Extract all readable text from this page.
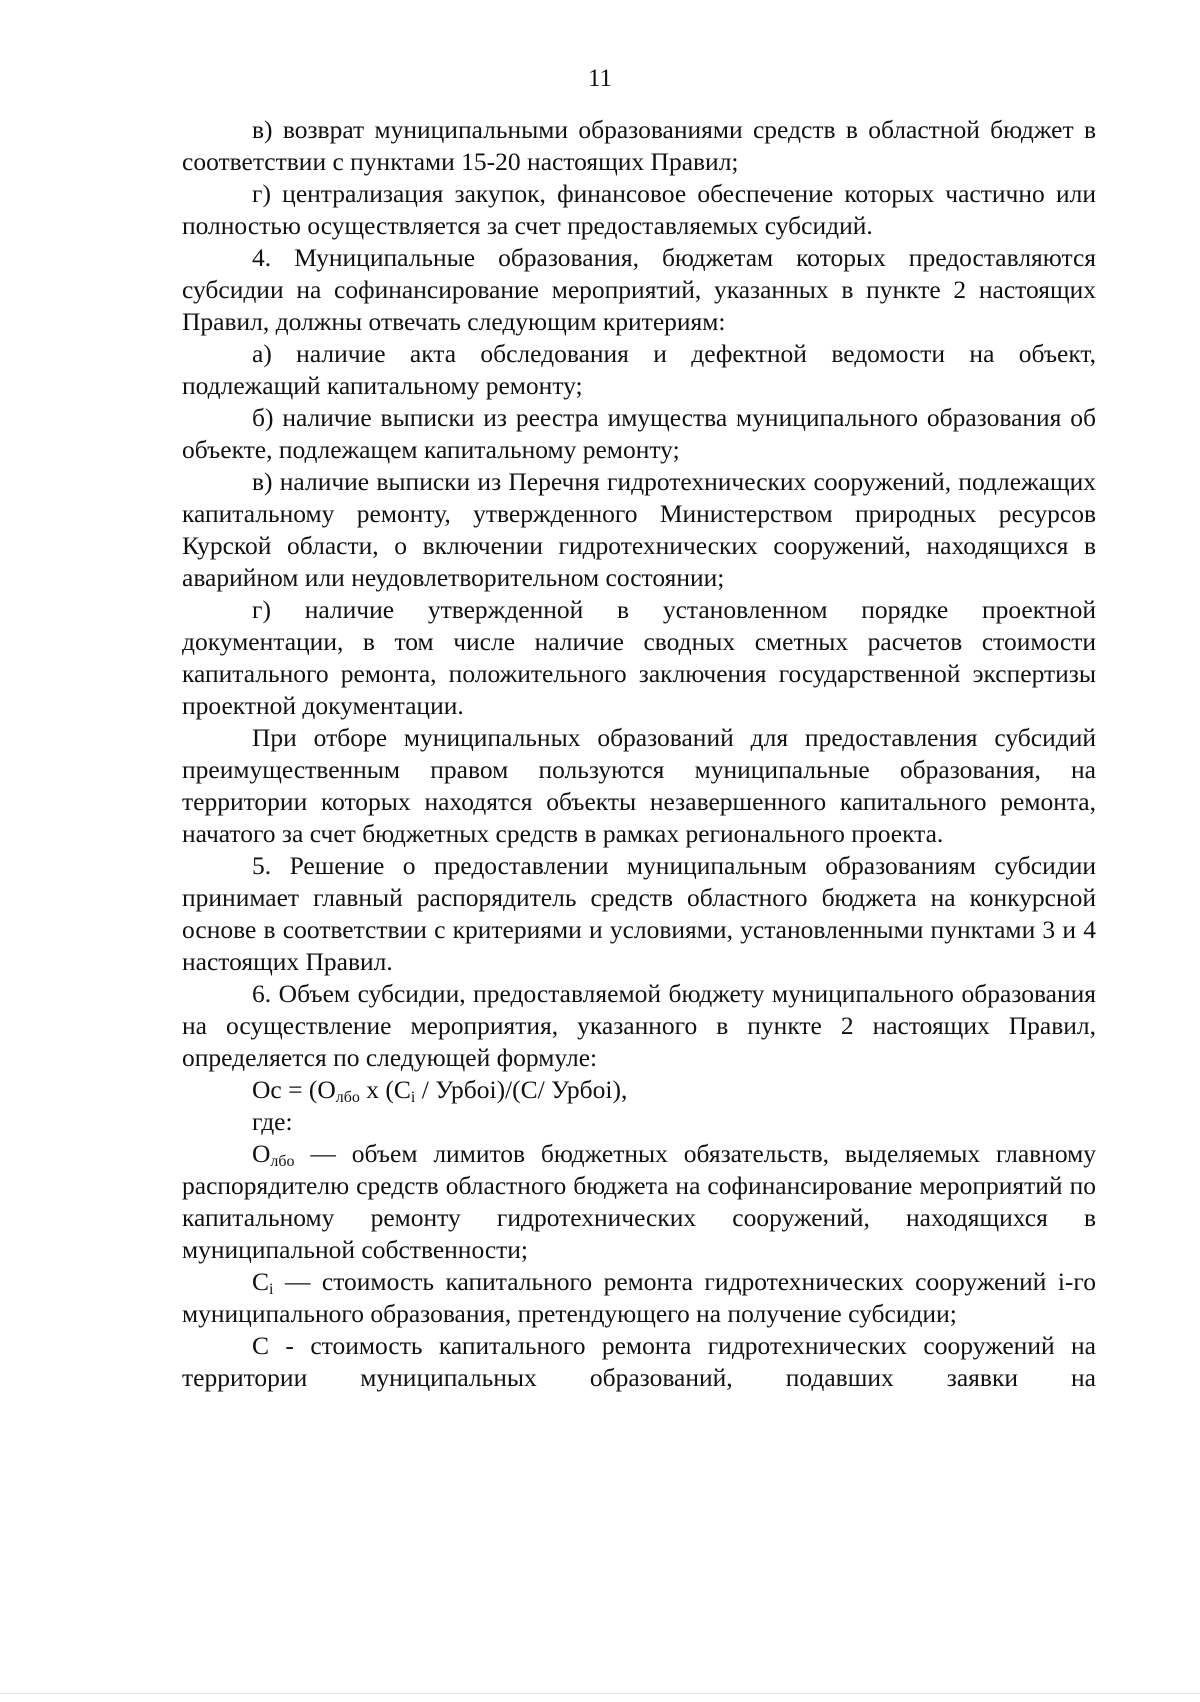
11

в) возврат муниципальными образованиями средств в областной бюджет в соответствии с пунктами 15-20 настоящих Правил;

г) централизация закупок, финансовое обеспечение которых частично или полностью осуществляется за счет предоставляемых субсидий.

4. Муниципальные образования, бюджетам которых предоставляются субсидии на софинансирование мероприятий, указанных в пункте 2 настоящих Правил, должны отвечать следующим критериям:

а) наличие акта обследования и дефектной ведомости на объект, подлежащий капитальному ремонту;

б) наличие выписки из реестра имущества муниципального образования об объекте, подлежащем капитальному ремонту;

в) наличие выписки из Перечня гидротехнических сооружений, подлежащих капитальному ремонту, утвержденного Министерством природных ресурсов Курской области, о включении гидротехнических сооружений, находящихся в аварийном или неудовлетворительном состоянии;

г) наличие утвержденной в установленном порядке проектной документации, в том числе наличие сводных сметных расчетов стоимости капитального ремонта, положительного заключения государственной экспертизы проектной документации.

При отборе муниципальных образований для предоставления субсидий преимущественным правом пользуются муниципальные образования, на территории которых находятся объекты незавершенного капитального ремонта, начатого за счет бюджетных средств в рамках регионального проекта.

5. Решение о предоставлении муниципальным образованиям субсидии принимает главный распорядитель средств областного бюджета на конкурсной основе в соответствии с критериями и условиями, установленными пунктами 3 и 4 настоящих Правил.

6. Объем субсидии, предоставляемой бюджету муниципального образования на осуществление мероприятия, указанного в пункте 2 настоящих Правил, определяется по следующей формуле:

Ос = ($О_{лбо}$ х ($С_i$ / Урбоі)/(С/ Урбоі),

где:

$О_{лбо}$ — объем лимитов бюджетных обязательств, выделяемых главному распорядителю средств областного бюджета на софинансирование мероприятий по капитальному ремонту гидротехнических сооружений, находящихся в муниципальной собственности;

$С_i$ — стоимость капитального ремонта гидротехнических сооружений i-го муниципального образования, претендующего на получение субсидии;

С - стоимость капитального ремонта гидротехнических сооружений на территории муниципальных образований, подавших заявки на
